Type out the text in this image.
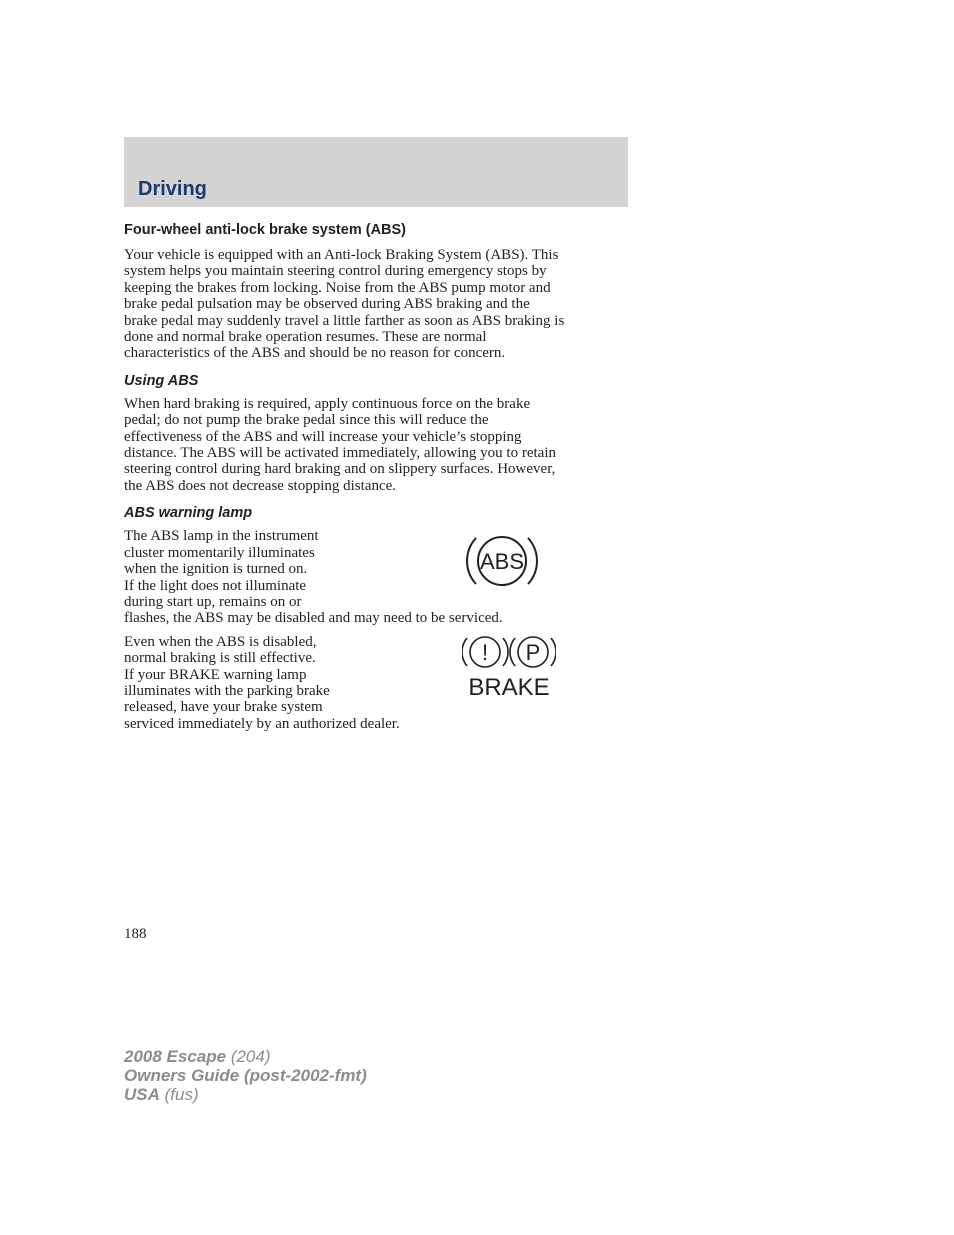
Driving
Four-wheel anti-lock brake system (ABS)

Your vehicle is equipped with an Anti-lock Braking System (ABS). This
system helps you maintain steering control during emergency stops by
keeping the brakes from locking. Noise from the ABS pump motor and
brake pedal pulsation may be observed during ABS braking and the
brake pedal may suddenly travel a little farther as soon as ABS braking is
done and normal brake operation resumes. These are normal
characteristics of the ABS and should be no reason for concern.

Using ABS

When hard braking is required, apply continuous force on the brake
pedal; do not pump the brake pedal since this will reduce the
effectiveness of the ABS and will increase your vehicle’s stopping
distance. The ABS will be activated immediately, allowing you to retain
steering control during hard braking and on slippery surfaces. However,
the ABS does not decrease stopping distance.

ABS warning lamp

The ABS lamp in the instrument
cluster momentarily illuminates
when the ignition is turned on.
If the light does not illuminate
during start up, remains on or
flashes, the ABS may be disabled and may need to be serviced.

ABS

Even when the ABS is disabled,
normal braking is still effective.
If your BRAKE warning lamp
illuminates with the parking brake
released, have your brake system
serviced immediately by an authorized dealer.

! P
BRAKE

188

2008 Escape (204)
Owners Guide (post-2002-fmt)
USA (fus)
